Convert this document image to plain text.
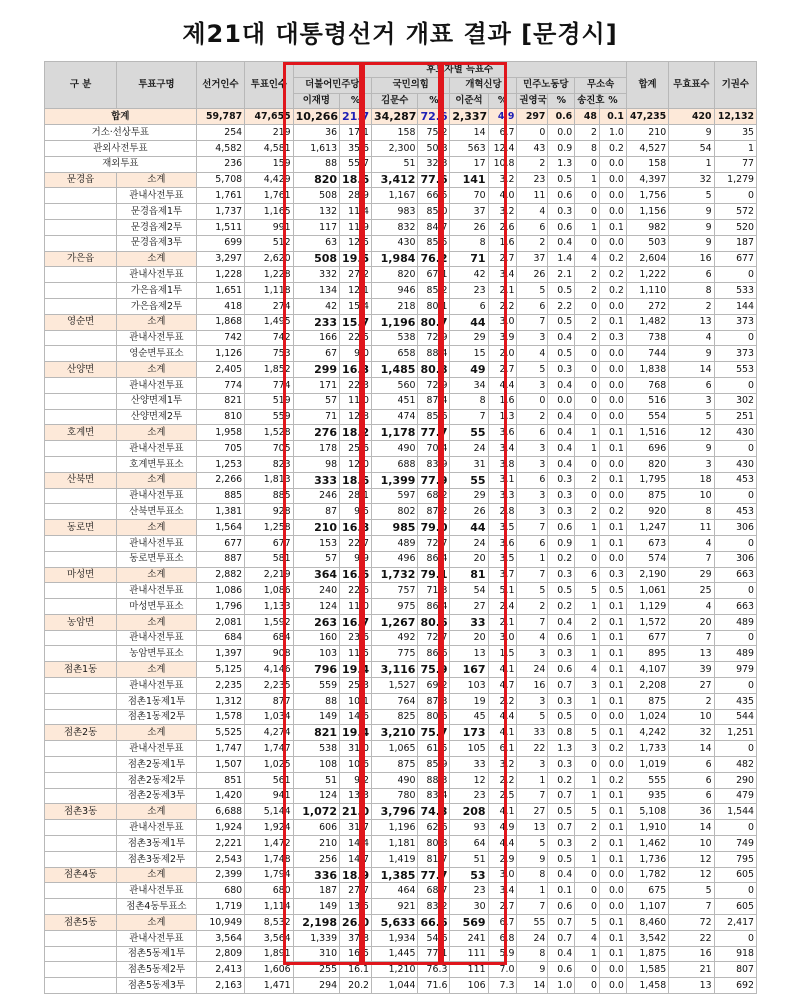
제21대 대통령선거 개표 결과 [문경시]
구 분	투표구명	선거인수	투표인수	후보자별 득표수										합계	무효표수	기권수
				더불어민주당		국민의힘		개혁신당		민주노동당		무소속				
				이재명	%	김문수	%	이준석	%	권영국	%	송진호	%			
합계		59,787	47,655	10,266	21.7	34,287	72.6	2,337	4.9	297	0.6	48	0.1	47,235	420	12,132
거소·선상투표		254	219	36	17.1	158	75.2	14	6.7	0	0.0	2	1.0	210	9	35
관외사전투표		4,582	4,581	1,613	35.6	2,300	50.8	563	12.4	43	0.9	8	0.2	4,527	54	1
재외투표		236	159	88	55.7	51	32.3	17	10.8	2	1.3	0	0.0	158	1	77
문경읍	소계	5,708	4,429	820	18.6	3,412	77.6	141	3.2	23	0.5	1	0.0	4,397	32	1,279
	관내사전투표	1,761	1,761	508	28.9	1,167	66.5	70	4.0	11	0.6	0	0.0	1,756	5	0
	문경읍제1투	1,737	1,165	132	11.4	983	85.0	37	3.2	4	0.3	0	0.0	1,156	9	572
	문경읍제2투	1,511	991	117	11.9	832	84.7	26	2.6	6	0.6	1	0.1	982	9	520
	문경읍제3투	699	512	63	12.5	430	85.5	8	1.6	2	0.4	0	0.0	503	9	187
가은읍	소계	3,297	2,620	508	19.5	1,984	76.2	71	2.7	37	1.4	4	0.2	2,604	16	677
	관내사전투표	1,228	1,228	332	27.2	820	67.1	42	3.4	26	2.1	2	0.2	1,222	6	0
	가은읍제1투	1,651	1,118	134	12.1	946	85.2	23	2.1	5	0.5	2	0.2	1,110	8	533
	가은읍제2투	418	274	42	15.4	218	80.1	6	2.2	6	2.2	0	0.0	272	2	144
영순면	소계	1,868	1,495	233	15.7	1,196	80.7	44	3.0	7	0.5	2	0.1	1,482	13	373
	관내사전투표	742	742	166	22.5	538	72.9	29	3.9	3	0.4	2	0.3	738	4	0
	영순면투표소	1,126	753	67	9.0	658	88.4	15	2.0	4	0.5	0	0.0	744	9	373
산양면	소계	2,405	1,852	299	16.3	1,485	80.8	49	2.7	5	0.3	0	0.0	1,838	14	553
	관내사전투표	774	774	171	22.3	560	72.9	34	4.4	3	0.4	0	0.0	768	6	0
	산양면제1투	821	519	57	11.0	451	87.4	8	1.6	0	0.0	0	0.0	516	3	302
	산양면제2투	810	559	71	12.8	474	85.6	7	1.3	2	0.4	0	0.0	554	5	251
호계면	소계	1,958	1,528	276	18.2	1,178	77.7	55	3.6	6	0.4	1	0.1	1,516	12	430
	관내사전투표	705	705	178	25.6	490	70.4	24	3.4	3	0.4	1	0.1	696	9	0
	호계면투표소	1,253	823	98	12.0	688	83.9	31	3.8	3	0.4	0	0.0	820	3	430
산북면	소계	2,266	1,813	333	18.6	1,399	77.9	55	3.1	6	0.3	2	0.1	1,795	18	453
	관내사전투표	885	885	246	28.1	597	68.2	29	3.3	3	0.3	0	0.0	875	10	0
	산북면투표소	1,381	928	87	9.5	802	87.2	26	2.8	3	0.3	2	0.2	920	8	453
동로면	소계	1,564	1,258	210	16.8	985	79.0	44	3.5	7	0.6	1	0.1	1,247	11	306
	관내사전투표	677	677	153	22.7	489	72.7	24	3.6	6	0.9	1	0.1	673	4	0
	동로면투표소	887	581	57	9.9	496	86.4	20	3.5	1	0.2	0	0.0	574	7	306
마성면	소계	2,882	2,219	364	16.6	1,732	79.1	81	3.7	7	0.3	6	0.3	2,190	29	663
	관내사전투표	1,086	1,086	240	22.6	757	71.3	54	5.1	5	0.5	5	0.5	1,061	25	0
	마성면투표소	1,796	1,133	124	11.0	975	86.4	27	2.4	2	0.2	1	0.1	1,129	4	663
농암면	소계	2,081	1,592	263	16.7	1,267	80.6	33	2.1	7	0.4	2	0.1	1,572	20	489
	관내사전투표	684	684	160	23.6	492	72.7	20	3.0	4	0.6	1	0.1	677	7	0
	농암면투표소	1,397	908	103	11.5	775	86.6	13	1.5	3	0.3	1	0.1	895	13	489
점촌1동	소계	5,125	4,146	796	19.4	3,116	75.9	167	4.1	24	0.6	4	0.1	4,107	39	979
	관내사전투표	2,235	2,235	559	25.3	1,527	69.2	103	4.7	16	0.7	3	0.1	2,208	27	0
	점촌1동제1투	1,312	877	88	10.1	764	87.3	19	2.2	3	0.3	1	0.1	875	2	435
	점촌1동제2투	1,578	1,034	149	14.6	825	80.6	45	4.4	5	0.5	0	0.0	1,024	10	544
점촌2동	소계	5,525	4,274	821	19.4	3,210	75.7	173	4.1	33	0.8	5	0.1	4,242	32	1,251
	관내사전투표	1,747	1,747	538	31.0	1,065	61.5	105	6.1	22	1.3	3	0.2	1,733	14	0
	점촌2동제1투	1,507	1,025	108	10.6	875	85.9	33	3.2	3	0.3	0	0.0	1,019	6	482
	점촌2동제2투	851	561	51	9.2	490	88.3	12	2.2	1	0.2	1	0.2	555	6	290
	점촌2동제3투	1,420	941	124	13.3	780	83.4	23	2.5	7	0.7	1	0.1	935	6	479
점촌3동	소계	6,688	5,144	1,072	21.0	3,796	74.3	208	4.1	27	0.5	5	0.1	5,108	36	1,544
	관내사전투표	1,924	1,924	606	31.7	1,196	62.6	93	4.9	13	0.7	2	0.1	1,910	14	0
	점촌3동제1투	2,221	1,472	210	14.4	1,181	80.8	64	4.4	5	0.3	2	0.1	1,462	10	749
	점촌3동제2투	2,543	1,748	256	14.7	1,419	81.7	51	2.9	9	0.5	1	0.1	1,736	12	795
점촌4동	소계	2,399	1,794	336	18.9	1,385	77.7	53	3.0	8	0.4	0	0.0	1,782	12	605
	관내사전투표	680	680	187	27.7	464	68.7	23	3.4	1	0.1	0	0.0	675	5	0
	점촌4동투표소	1,719	1,114	149	13.5	921	83.2	30	2.7	7	0.6	0	0.0	1,107	7	605
점촌5동	소계	10,949	8,532	2,198	26.0	5,633	66.6	569	6.7	55	0.7	5	0.1	8,460	72	2,417
	관내사전투표	3,564	3,564	1,339	37.8	1,934	54.6	241	6.8	24	0.7	4	0.1	3,542	22	0
	점촌5동제1투	2,809	1,891	310	16.5	1,445	77.1	111	5.9	8	0.4	1	0.1	1,875	16	918
	점촌5동제2투	2,413	1,606	255	16.1	1,210	76.3	111	7.0	9	0.6	0	0.0	1,585	21	807
	점촌5동제3투	2,163	1,471	294	20.2	1,044	71.6	106	7.3	14	1.0	0	0.0	1,458	13	692
